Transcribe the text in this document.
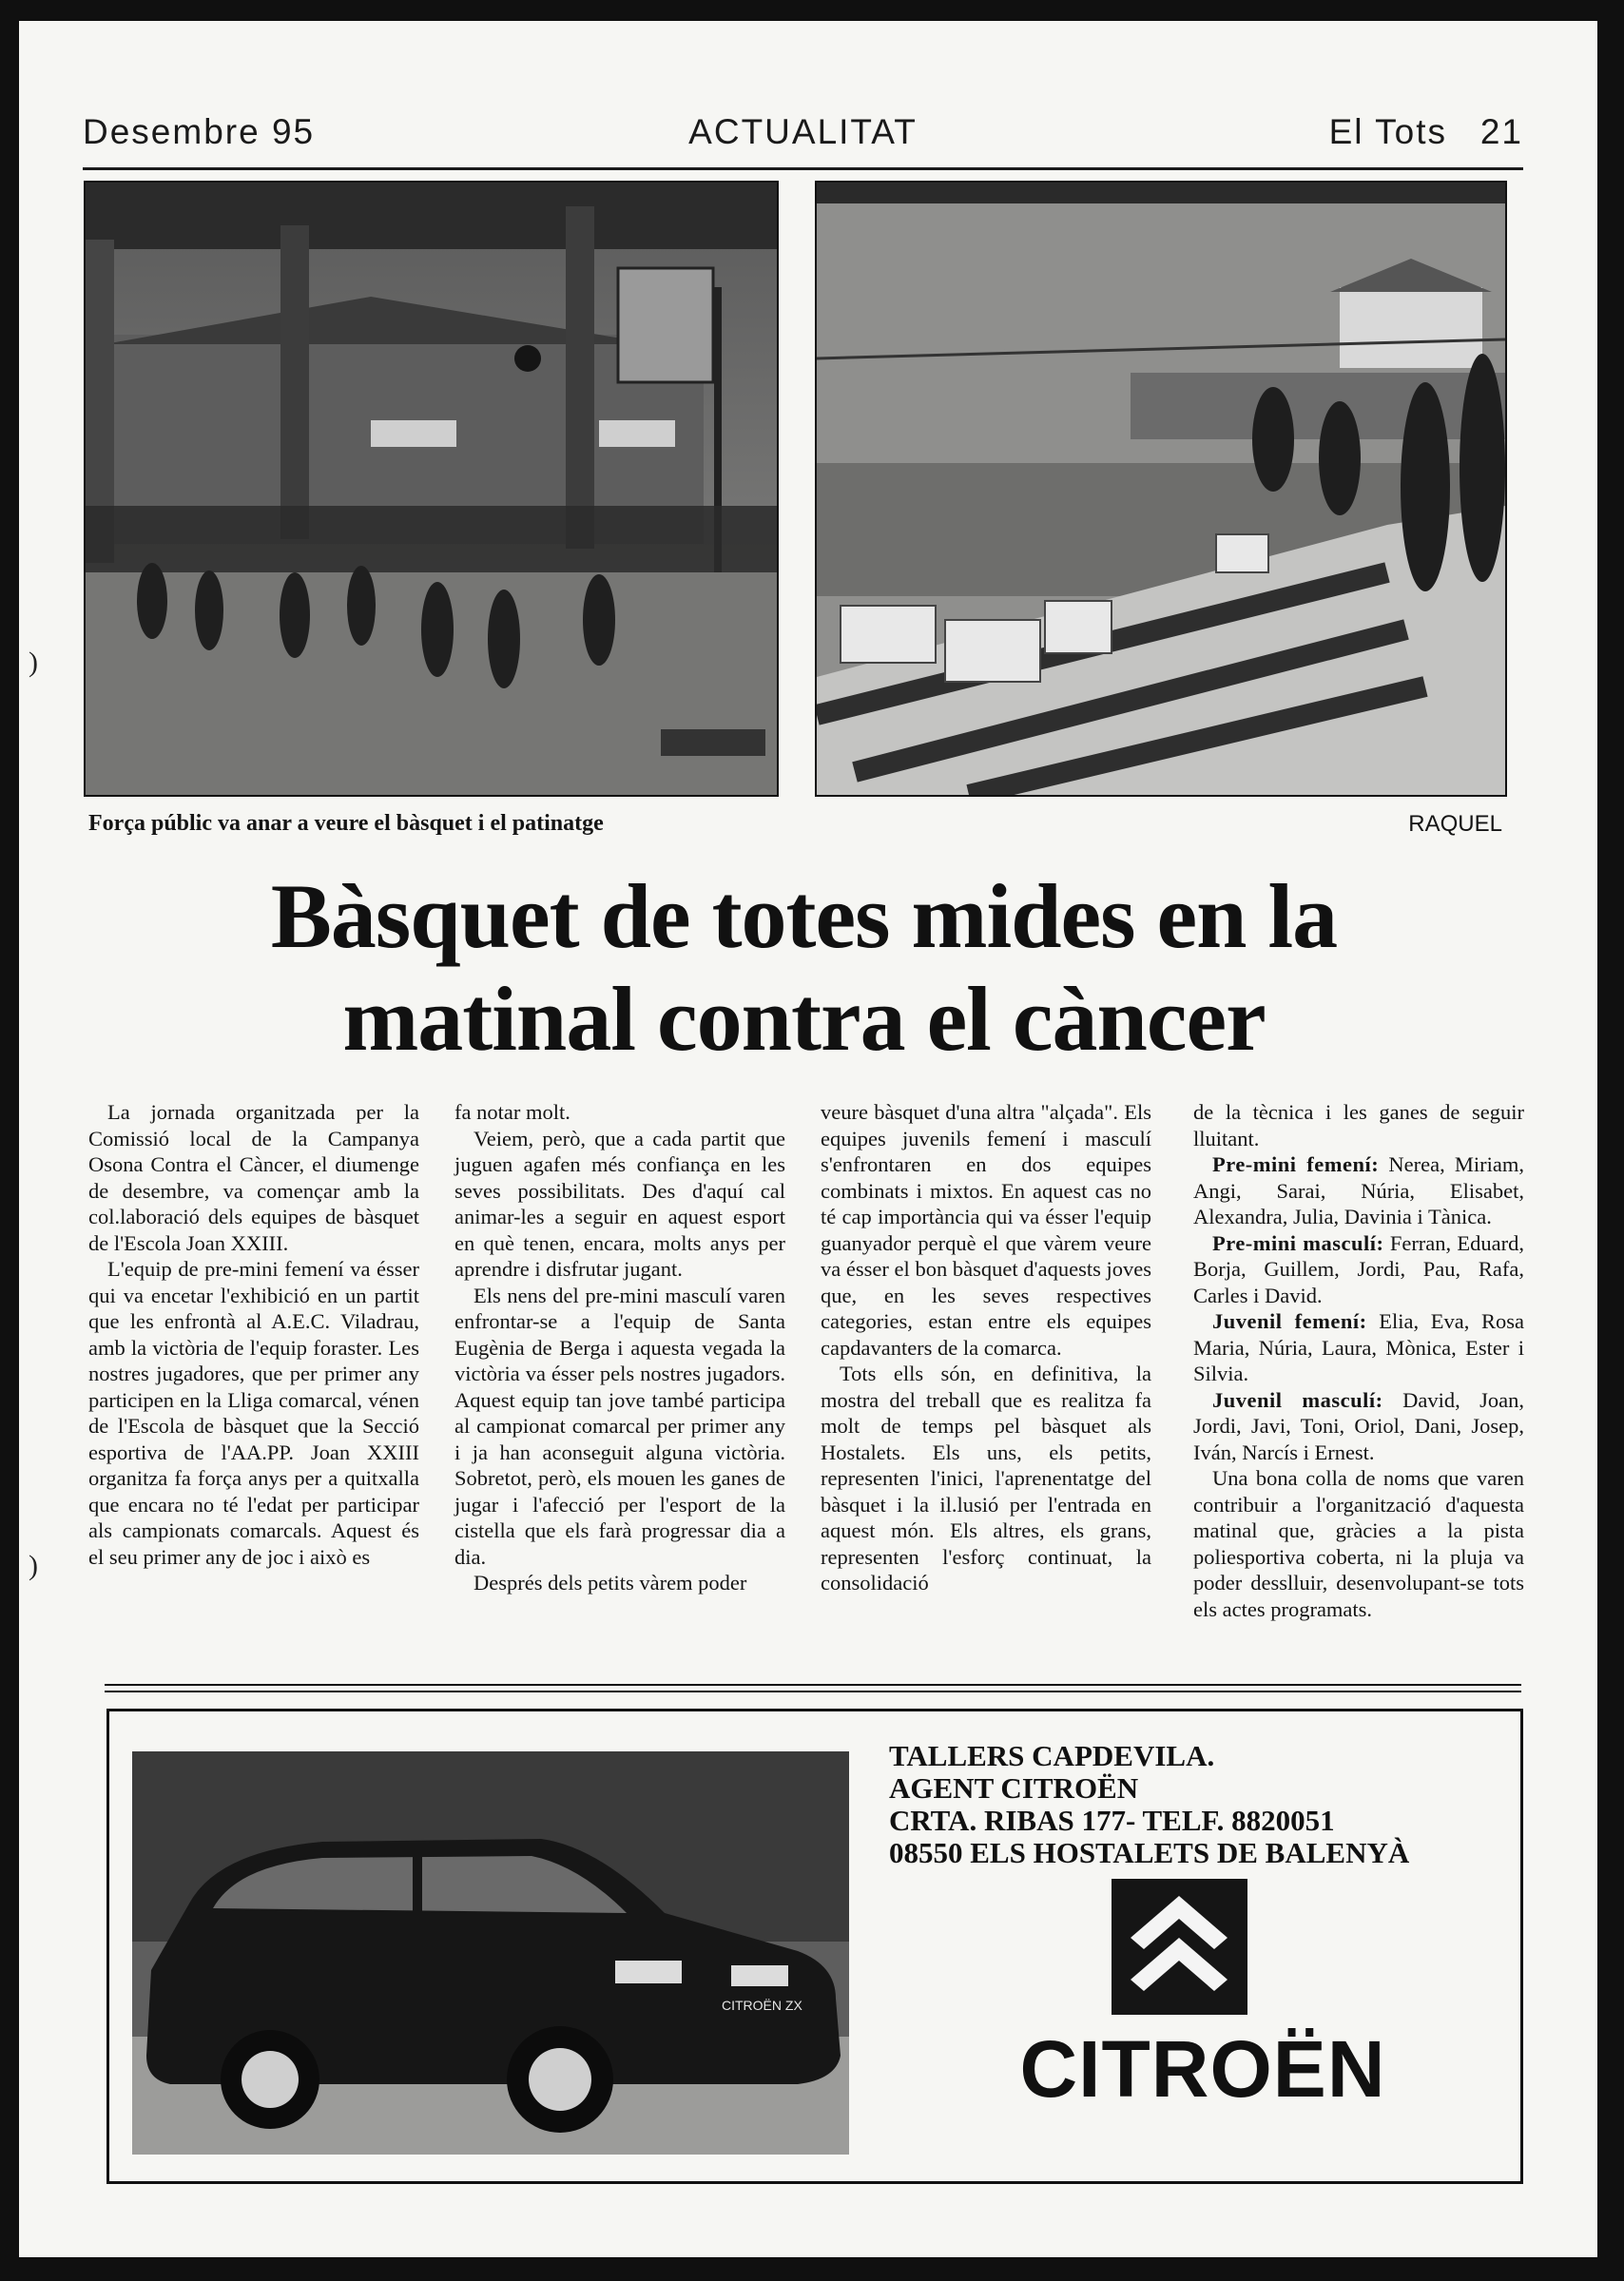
Desembre 95	ACTUALITAT	El Tots 21
Força públic va anar a veure el bàsquet i el patinatge	RAQUEL
Bàsquet de totes mides en la
matinal contra el càncer

La jornada organitzada per la Comissió local de la Campanya Osona Contra el Càncer, el diumenge de desembre, va començar amb la col.laboració dels equipes de bàsquet de l'Escola Joan XXIII.

L'equip de pre-mini femení va ésser qui va encetar l'exhibició en un partit que les enfrontà al A.E.C. Viladrau, amb la victòria de l'equip foraster. Les nostres jugadores, que per primer any participen en la Lliga comarcal, vénen de l'Escola de bàsquet que la Secció esportiva de l'AA.PP. Joan XXIII organitza fa força anys per a quitxalla que encara no té l'edat per participar als campionats comarcals. Aquest és el seu primer any de joc i això es

fa notar molt.

Veiem, però, que a cada partit que juguen agafen més confiança en les seves possibilitats. Des d'aquí cal animar-les a seguir en aquest esport en què tenen, encara, molts anys per aprendre i disfrutar jugant.

Els nens del pre-mini masculí varen enfrontar-se a l'equip de Santa Eugènia de Berga i aquesta vegada la victòria va ésser pels nostres jugadors. Aquest equip tan jove també participa al campionat comarcal per primer any i ja han aconseguit alguna victòria. Sobretot, però, els mouen les ganes de jugar i l'afecció per l'esport de la cistella que els farà progressar dia a dia.

Després dels petits vàrem poder

veure bàsquet d'una altra "alçada". Els equipes juvenils femení i masculí s'enfrontaren en dos equipes combinats i mixtos. En aquest cas no té cap importància qui va ésser l'equip guanyador perquè el que vàrem veure va ésser el bon bàsquet d'aquests joves que, en les seves respectives categories, estan entre els equipes capdavanters de la comarca.

Tots ells són, en definitiva, la mostra del treball que es realitza fa molt de temps pel bàsquet als Hostalets. Els uns, els petits, representen l'inici, l'aprenentatge del bàsquet i la il.lusió per l'entrada en aquest món. Els altres, els grans, representen l'esforç continuat, la consolidació

de la tècnica i les ganes de seguir lluitant.

Pre-mini femení: Nerea, Miriam, Angi, Sarai, Núria, Elisabet, Alexandra, Julia, Davinia i Tànica.

Pre-mini masculí: Ferran, Eduard, Borja, Guillem, Jordi, Pau, Rafa, Carles i David.

Juvenil femení: Elia, Eva, Rosa Maria, Núria, Laura, Mònica, Ester i Silvia.

Juvenil masculí: David, Joan, Jordi, Javi, Toni, Oriol, Dani, Josep, Iván, Narcís i Ernest.

Una bona colla de noms que varen contribuir a l'organització d'aquesta matinal que, gràcies a la pista poliesportiva coberta, ni la pluja va poder desslluir, desenvolupant-se tots els actes programats.

CITROËN ZX
TALLERS CAPDEVILA.
AGENT CITROËN
CRTA. RIBAS 177- TELF. 8820051
08550 ELS HOSTALETS DE BALENYÀ
CITROËN
)
)
